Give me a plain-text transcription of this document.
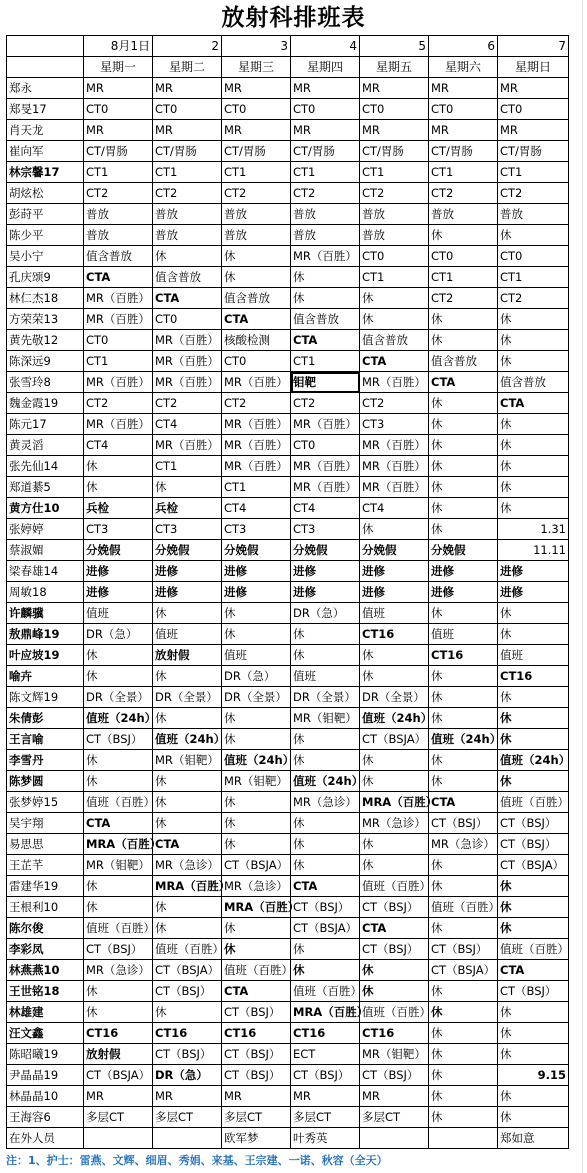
放射科排班表
	8月1日	2	3	4	5	6	7
	星期一	星期二	星期三	星期四	星期五	星期六	星期日
郑永	MR	MR	MR	MR	MR	MR	MR
郑旻17	CT0	CT0	CT0	CT0	CT0	CT0	CT0
肖天龙	MR	MR	MR	MR	MR	MR	MR
崔向军	CT/胃肠	CT/胃肠	CT/胃肠	CT/胃肠	CT/胃肠	CT/胃肠	CT/胃肠
林宗馨17	CT1	CT1	CT1	CT1	CT1	CT1	CT1
胡炫松	CT2	CT2	CT2	CT2	CT2	CT2	CT2
彭莳平	普放	普放	普放	普放	普放	普放	普放
陈少平	普放	普放	普放	普放	普放	休	休
吴小宁	值含普放	休	休	MR（百胜）	CT0	CT0	CT0
孔庆颂9	CTA	值含普放	休	休	CT1	CT1	CT1
林仁杰18	MR（百胜）	CTA	值含普放	休	休	CT2	CT2
方荣荣13	MR（百胜）	CT0	CTA	值含普放	休	休	休
黄先敬12	CT0	MR（百胜）	核酸检测	CTA	值含普放	休	休
陈深远9	CT1	MR（百胜）	CT0	CT1	CTA	值含普放	休
张雪玲8	MR（百胜）	MR（百胜）	MR（百胜）	钼靶	MR（百胜）	CTA	值含普放
魏金霞19	CT2	CT2	CT2	CT2	CT2	休	CTA
陈元17	MR（百胜）	CT4	MR（百胜）	MR（百胜）	CT3	休	休
黄灵滔	CT4	MR（百胜）	MR（百胜）	CT0	MR（百胜）	休	休
张先仙14	休	CT1	MR（百胜）	MR（百胜）	MR（百胜）	休	休
郑道綦5	休	休	CT1	MR（百胜）	MR（百胜）	休	休
黄方仕10	兵检	兵检	CT4	CT4	CT4	休	休
张婷婷	CT3	CT3	CT3	CT3	休	休	1.31
蔡淑媚	分娩假	分娩假	分娩假	分娩假	分娩假	分娩假	11.11
梁春雄14	进修	进修	进修	进修	进修	进修	进修
周敏18	进修	进修	进修	进修	进修	进修	进修
许麟骥	值班	休	休	DR（急）	值班	休	休
敖鼎峰19	DR（急）	值班	休	休	CT16	值班	休
叶应坡19	休	放射假	值班	休	休	CT16	值班
喻卉	休	休	DR（急）	值班	休	休	CT16
陈文辉19	DR（全景）	DR（全景）	DR（全景）	DR（全景）	DR（全景）	休	休
朱倩彭	值班（24h）	休	休	MR（钼靶）	值班（24h）	休	休
王言喻	CT（BSJ）	值班（24h）	休	休	CT（BSJA）	值班（24h）	休
李雪丹	休	MR（钼靶）	值班（24h）	休	休	休	值班（24h）
陈梦圆	休	休	MR（钼靶）	值班（24h）	休	休	休
张梦婷15	值班（百胜）	休	休	MR（急诊）	MRA（百胜）	CTA	值班（百胜）
吴宇翔	CTA	休	休	休	MR（急诊）	CT（BSJ）	CT（BSJ）
易思思	MRA（百胜）	CTA	休	休	休	MR（急诊）	CT（BSJ）
王芷芊	MR（钼靶）	MR（急诊）	CT（BSJA）	休	休	休	CT（BSJA）
雷建华19	休	MRA（百胜）	MR（急诊）	CTA	值班（百胜）	休	休
王根利10	休	休	MRA（百胜）	CT（BSJ）	CT（BSJ）	值班（百胜）	休
陈尔俊	值班（百胜）	休	休	CT（BSJA）	CTA	休	休
李彩凤	CT（BSJ）	值班（百胜）	休	休	CT（BSJ）	CT（BSJ）	值班（百胜）
林燕燕10	MR（急诊）	CT（BSJA）	值班（百胜）	休	休	CT（BSJA）	CTA
王世铭18	休	CT（BSJ）	CTA	值班（百胜）	休	休	CT（BSJ）
林雄建	休	休	CT（BSJ）	MRA（百胜）	值班（百胜）	休	休
汪文鑫	CT16	CT16	CT16	CT16	CT16	休	休
陈昭曦19	放射假	CT（BSJ）	CT（BSJ）	ECT	MR（钼靶）	休	休
尹晶晶19	CT（BSJA）	DR（急）	CT（BSJ）	CT（BSJ）	CT（BSJ）	休	9.15
林晶晶10	MR	MR	MR	MR	MR	休	休
王海容6	多层CT	多层CT	多层CT	多层CT	多层CT	休	休
在外人员			欧军梦	叶秀英			郑如意
注：1、护士：雷燕、文辉、细眉、秀娟、来基、王宗建、一诺、秋容（全天）
